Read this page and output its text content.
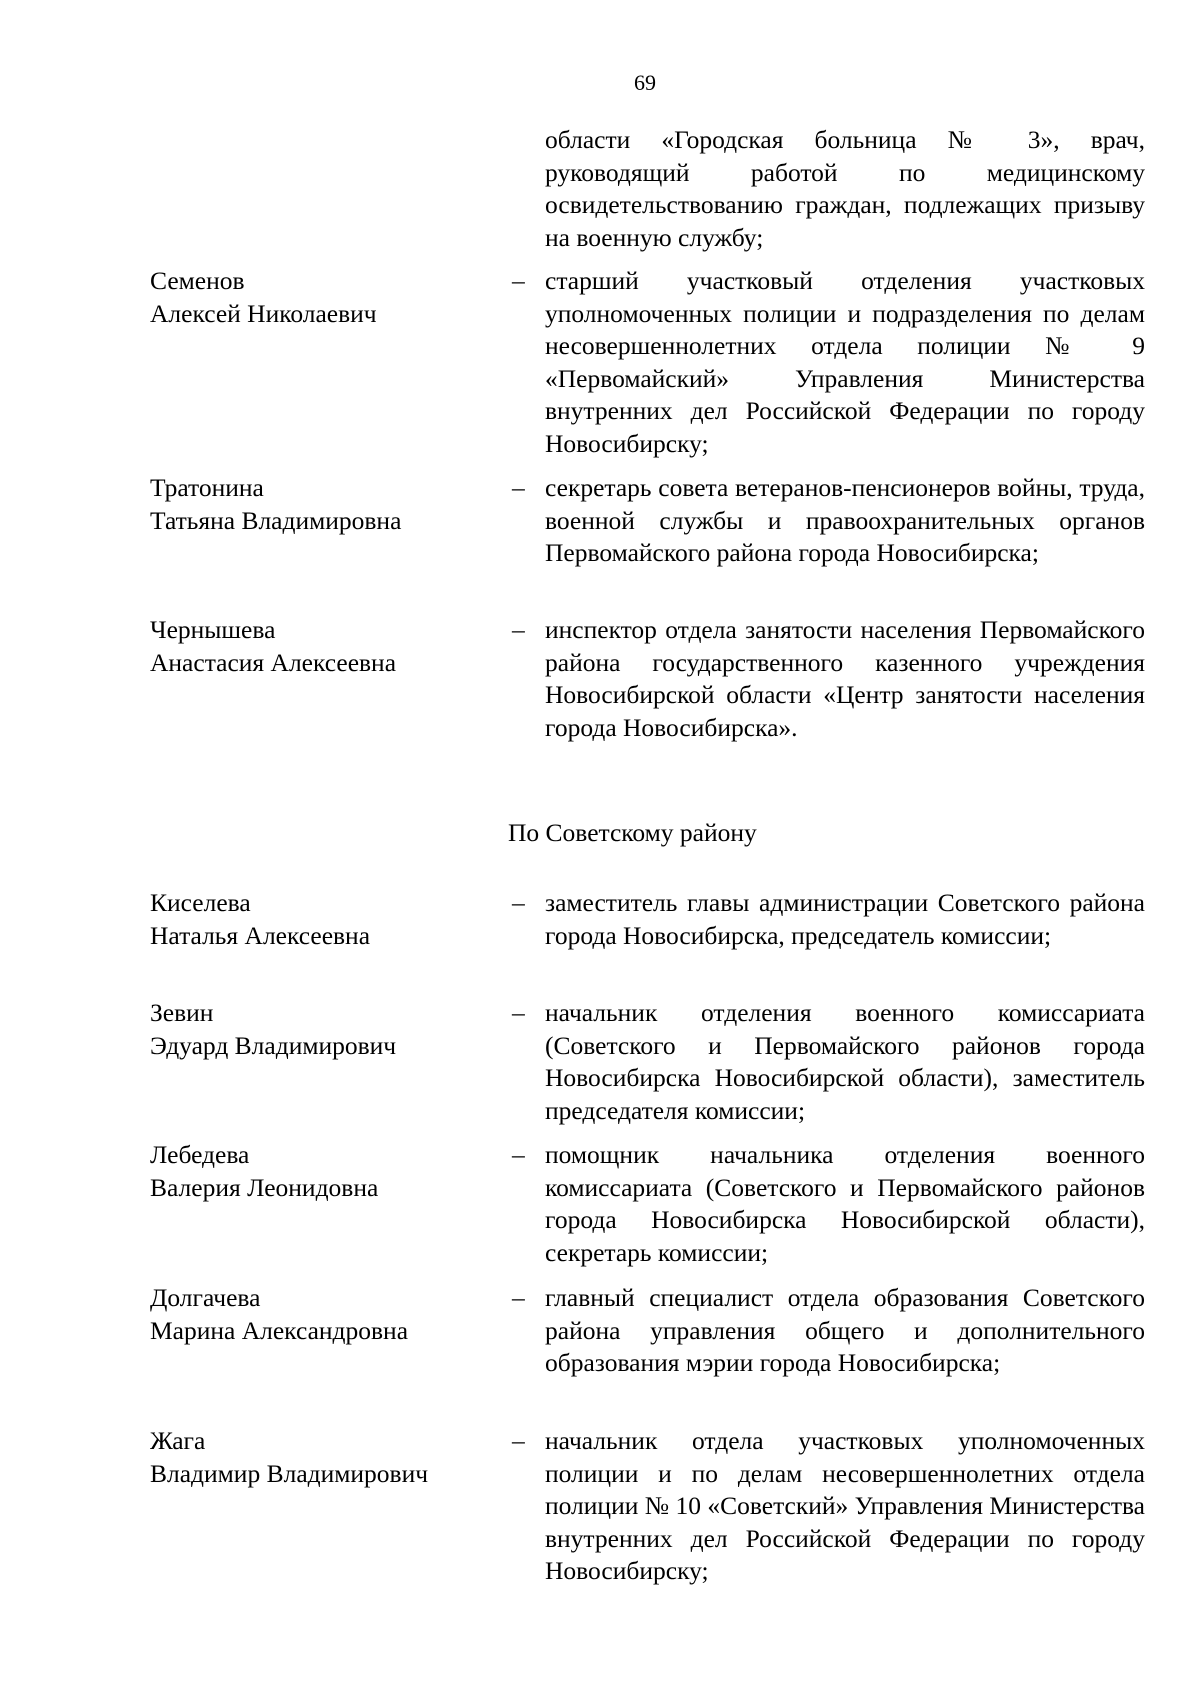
69
области «Городская больница № 3», врач, руководящий работой по медицинскому освидетельствованию граждан, подлежащих призыву на военную службу;
Семенов
Алексей Николаевич
– старший участковый отделения участковых уполномоченных полиции и подразделения по делам несовершеннолетних отдела полиции № 9 «Первомайский» Управления Министерства внутренних дел Российской Федерации по городу Новосибирску;
Тратонина
Татьяна Владимировна
– секретарь совета ветеранов-пенсионеров войны, труда, военной службы и правоохранительных органов Первомайского района города Новосибирска;
Чернышева
Анастасия Алексеевна
– инспектор отдела занятости населения Первомайского района государственного казенного учреждения Новосибирской области «Центр занятости населения города Новосибирска».
По Советскому району
Киселева
Наталья Алексеевна
– заместитель главы администрации Советского района города Новосибирска, председатель комиссии;
Зевин
Эдуард Владимирович
– начальник отделения военного комиссариата (Советского и Первомайского районов города Новосибирска Новосибирской области), заместитель председателя комиссии;
Лебедева
Валерия Леонидовна
– помощник начальника отделения военного комиссариата (Советского и Первомайского районов города Новосибирска Новосибирской области), секретарь комиссии;
Долгачева
Марина Александровна
– главный специалист отдела образования Советского района управления общего и дополнительного образования мэрии города Новосибирска;
Жага
Владимир Владимирович
– начальник отдела участковых уполномоченных полиции и по делам несовершеннолетних отдела полиции № 10 «Советский» Управления Министерства внутренних дел Российской Федерации по городу Новосибирску;
